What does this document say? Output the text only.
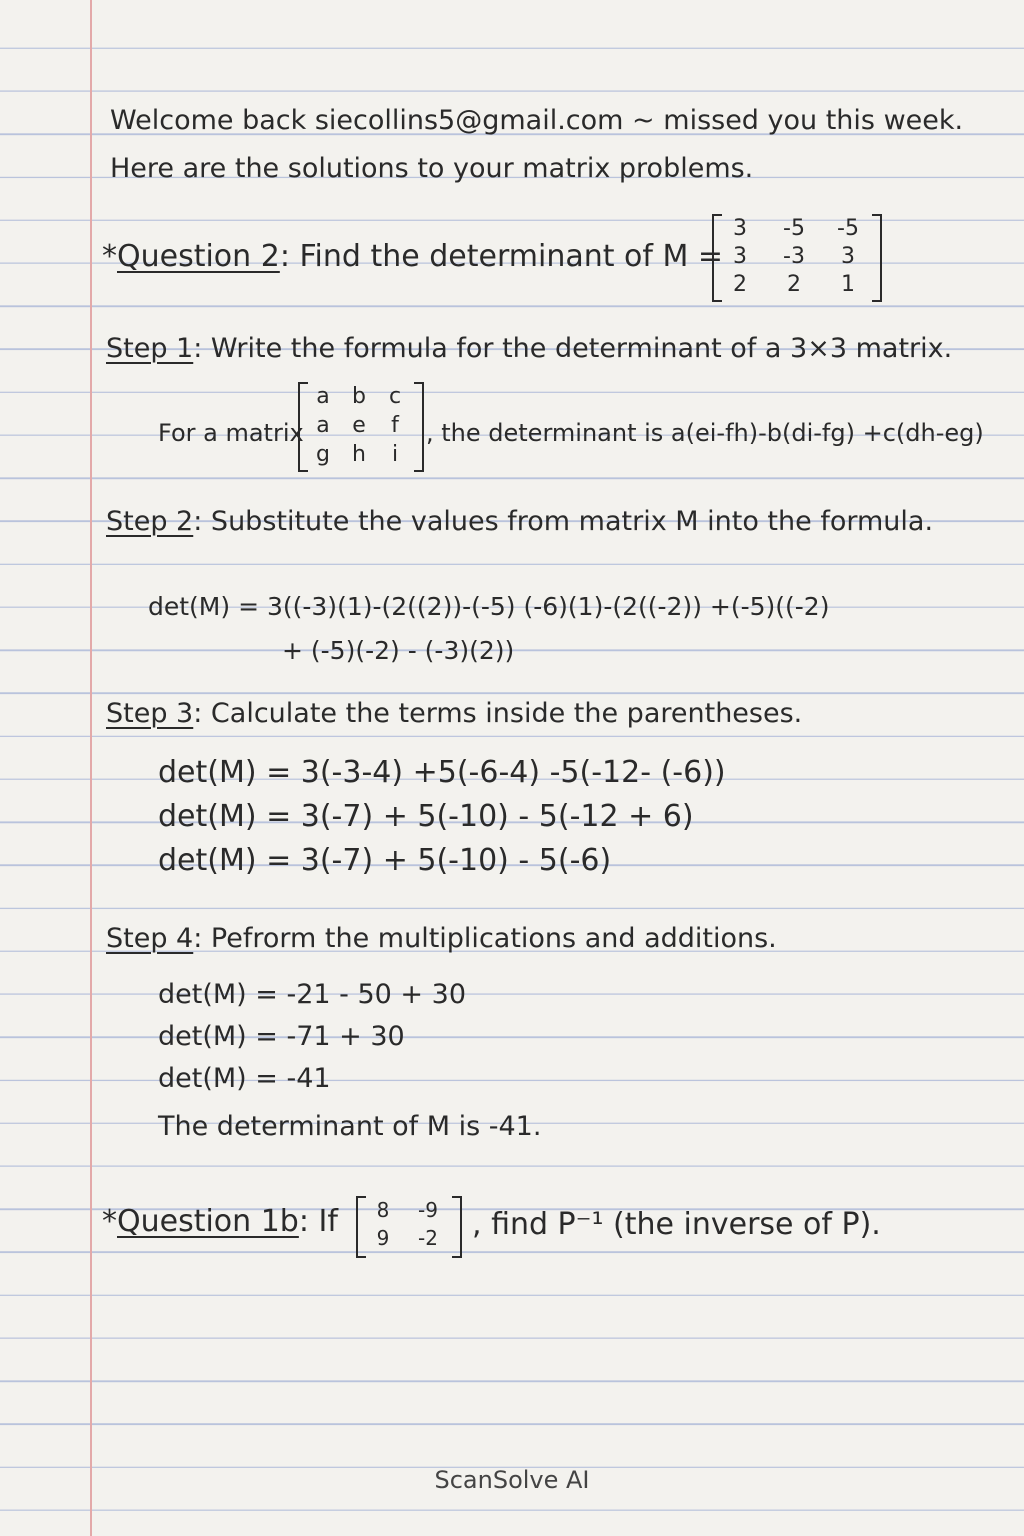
Welcome back siecollins5@gmail.com ~ missed you this week.
Here are the solutions to your matrix problems.
*Question 2: Find the determinant of M =
3	-5	-5
3	-3	3
2	2	1
Step 1: Write the formula for the determinant of a 3×3 matrix.
For a matrix
a	b	c
a	e	f
g	h	i
, the determinant is a(ei-fh)-b(di-fg) +c(dh-eg)
Step 2: Substitute the values from matrix M into the formula.
det(M) = 3((-3)(1)-(2((2))-(-5) (-6)(1)-(2((-2)) +(-5)((-2)
+ (-5)(-2) - (-3)(2))
Step 3: Calculate the terms inside the parentheses.
det(M) = 3(-3-4) +5(-6-4) -5(-12- (-6))
det(M) = 3(-7) + 5(-10) - 5(-12 + 6)
det(M) = 3(-7) + 5(-10) - 5(-6)
Step 4: Pefrorm the multiplications and additions.
det(M) = -21 - 50 + 30
det(M) = -71 + 30
det(M) = -41
The determinant of M is -41.
*Question 1b: If	8	-9
9	-2	, find P⁻¹ (the inverse of P).
ScanSolve AI
